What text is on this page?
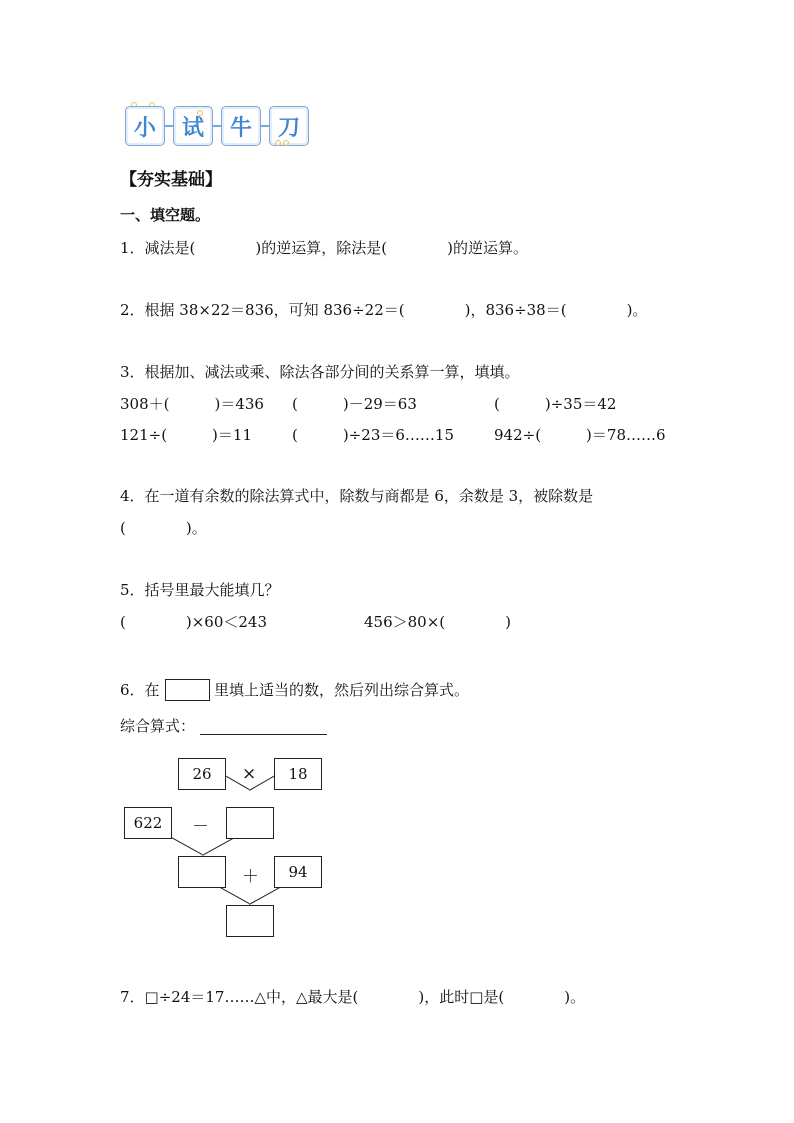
小	试	牛	刀
【夯实基础】
一、填空题。
1．减法是(　　　　)的逆运算，除法是(　　　　)的逆运算。
2．根据 38×22＝836，可知 836÷22＝(　　　　)，836÷38＝(　　　　)。
3．根据加、减法或乘、除法各部分间的关系算一算，填填。
308＋(　　　)＝436 (　　　)－29＝63	(　　　)÷35＝42
121÷(　　　)＝11	(　　　)÷23＝6……15	942÷(　　　)＝78……6
4．在一道有余数的除法算式中，除数与商都是 6，余数是 3，被除数是
(　　　　)。
5．括号里最大能填几？
(　　　　)×60＜243	456＞80×(　　　　)
6．在	里填上适当的数，然后列出综合算式。
综合算式：
26	×	18
622	－
＋	94
7．□÷24＝17……△中，△最大是(　　　　)，此时□是(　　　　)。
